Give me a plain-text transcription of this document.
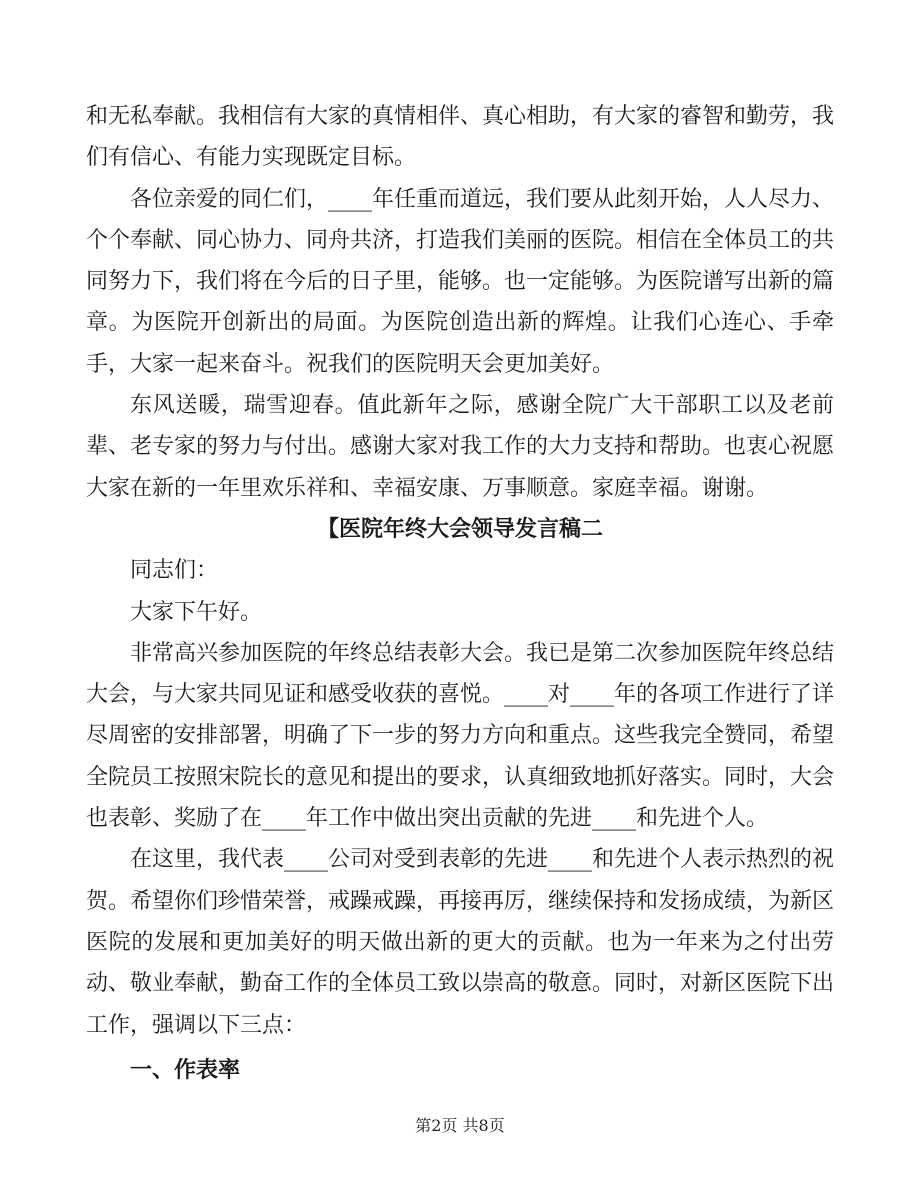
和无私奉献。我相信有大家的真情相伴、真心相助，有大家的睿智和勤劳，我们有信心、有能力实现既定目标。

各位亲爱的同仁们，____年任重而道远，我们要从此刻开始，人人尽力、个个奉献、同心协力、同舟共济，打造我们美丽的医院。相信在全体员工的共同努力下，我们将在今后的日子里，能够。也一定能够。为医院谱写出新的篇章。为医院开创新出的局面。为医院创造出新的辉煌。让我们心连心、手牵手，大家一起来奋斗。祝我们的医院明天会更加美好。

东风送暖，瑞雪迎春。值此新年之际，感谢全院广大干部职工以及老前辈、老专家的努力与付出。感谢大家对我工作的大力支持和帮助。也衷心祝愿大家在新的一年里欢乐祥和、幸福安康、万事顺意。家庭幸福。谢谢。

【医院年终大会领导发言稿二

同志们：

大家下午好。

非常高兴参加医院的年终总结表彰大会。我已是第二次参加医院年终总结大会，与大家共同见证和感受收获的喜悦。____对____年的各项工作进行了详尽周密的安排部署，明确了下一步的努力方向和重点。这些我完全赞同，希望全院员工按照宋院长的意见和提出的要求，认真细致地抓好落实。同时，大会也表彰、奖励了在____年工作中做出突出贡献的先进____和先进个人。

在这里，我代表____公司对受到表彰的先进____和先进个人表示热烈的祝贺。希望你们珍惜荣誉，戒躁戒躁，再接再厉，继续保持和发扬成绩，为新区医院的发展和更加美好的明天做出新的更大的贡献。也为一年来为之付出劳动、敬业奉献，勤奋工作的全体员工致以崇高的敬意。同时，对新区医院下出工作，强调以下三点：

一、作表率

第2页 共8页
